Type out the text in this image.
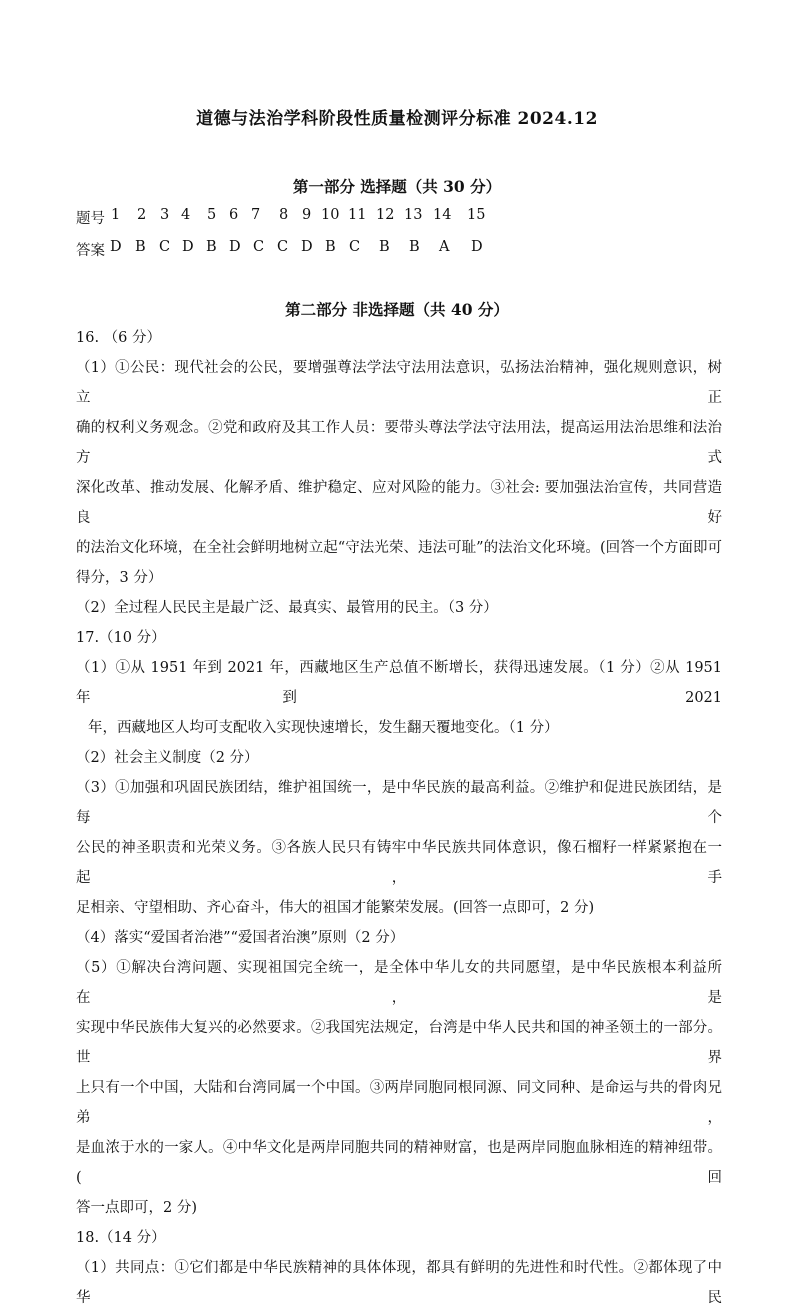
道德与法治学科阶段性质量检测评分标准 2024.12
第一部分 选择题（共 30 分）
题号 1 2 3 4 5 6 7 8 9 10 11 12 13 14 15
答案 D B C D B D C C D B C B B A D
第二部分 非选择题（共 40 分）

16. （6 分）

（1）①公民：现代社会的公民，要增强尊法学法守法用法意识，弘扬法治精神，强化规则意识，树立正

确的权利义务观念。②党和政府及其工作人员：要带头尊法学法守法用法，提高运用法治思维和法治方式

深化改革、推动发展、化解矛盾、维护稳定、应对风险的能力。③社会: 要加强法治宣传，共同营造良好

的法治文化环境，在全社会鲜明地树立起“守法光荣、违法可耻”的法治文化环境。(回答一个方面即可

得分，3 分）

（2）全过程人民民主是最广泛、最真实、最管用的民主。（3 分）

17.（10 分）

（1）①从 1951 年到 2021 年，西藏地区生产总值不断增长，获得迅速发展。（1 分）②从 1951 年到 2021

年，西藏地区人均可支配收入实现快速增长，发生翻天覆地变化。（1 分）

（2）社会主义制度（2 分）

（3）①加强和巩固民族团结，维护祖国统一，是中华民族的最高利益。②维护和促进民族团结，是每个

公民的神圣职责和光荣义务。③各族人民只有铸牢中华民族共同体意识，像石榴籽一样紧紧抱在一起，手

足相亲、守望相助、齐心奋斗，伟大的祖国才能繁荣发展。(回答一点即可，2 分)

（4）落实“爱国者治港”“爱国者治澳”原则（2 分）

（5）①解决台湾问题、实现祖国完全统一，是全体中华儿女的共同愿望，是中华民族根本利益所在，是

实现中华民族伟大复兴的必然要求。②我国宪法规定，台湾是中华人民共和国的神圣领土的一部分。世界

上只有一个中国，大陆和台湾同属一个中国。③两岸同胞同根同源、同文同种、是命运与共的骨肉兄弟，

是血浓于水的一家人。④中华文化是两岸同胞共同的精神财富，也是两岸同胞血脉相连的精神纽带。(回

答一点即可，2 分)

18.（14 分）

（1）共同点：①它们都是中华民族精神的具体体现，都具有鲜明的先进性和时代性。②都体现了中华民
